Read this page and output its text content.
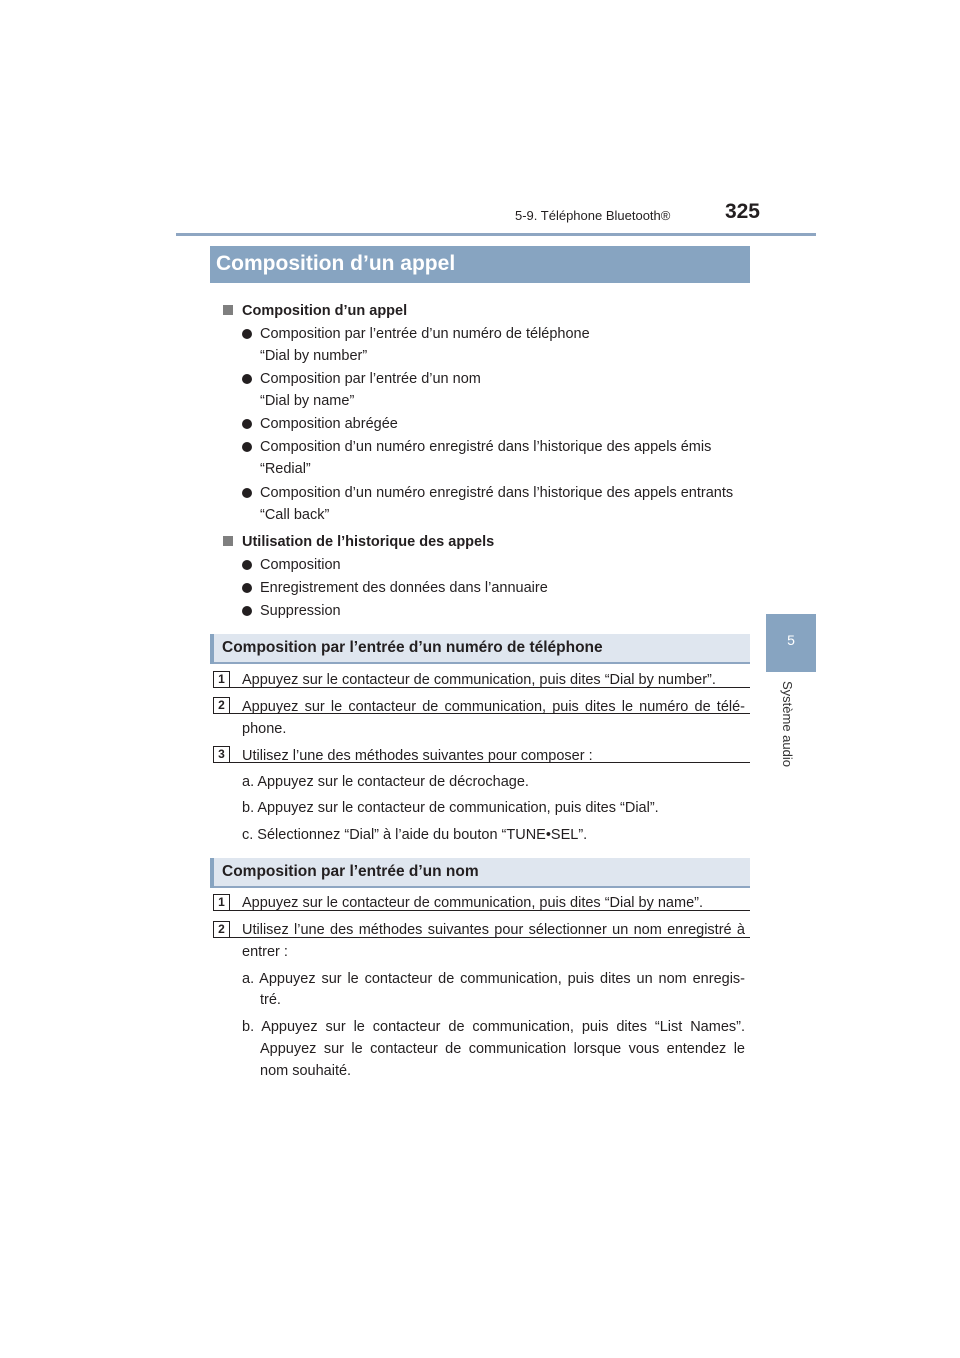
5-9. Téléphone Bluetooth®	325
5
Système audio
Composition d’un appel
Composition d’un appel
Composition par l’entrée d’un numéro de téléphone
“Dial by number”
Composition par l’entrée d’un nom
“Dial by name”
Composition abrégée
Composition d’un numéro enregistré dans l’historique des appels émis
“Redial”
Composition d’un numéro enregistré dans l’historique des appels entrants
“Call back”
Utilisation de l’historique des appels
Composition
Enregistrement des données dans l’annuaire
Suppression
Composition par l’entrée d’un numéro de téléphone
1	Appuyez sur le contacteur de communication, puis dites “Dial by number”.
2	Appuyez sur le contacteur de communication, puis dites le numéro de télé-
phone.
3	Utilisez l’une des méthodes suivantes pour composer :
a. Appuyez sur le contacteur de décrochage.
b. Appuyez sur le contacteur de communication, puis dites “Dial”.
c. Sélectionnez “Dial” à l’aide du bouton “TUNE•SEL”.
Composition par l’entrée d’un nom
1	Appuyez sur le contacteur de communication, puis dites “Dial by name”.
2	Utilisez l’une des méthodes suivantes pour sélectionner un nom enregistré à
entrer :
a. Appuyez sur le contacteur de communication, puis dites un nom enregis-
tré.
b. Appuyez sur le contacteur de communication, puis dites “List Names”.
Appuyez sur le contacteur de communication lorsque vous entendez le
nom souhaité.
